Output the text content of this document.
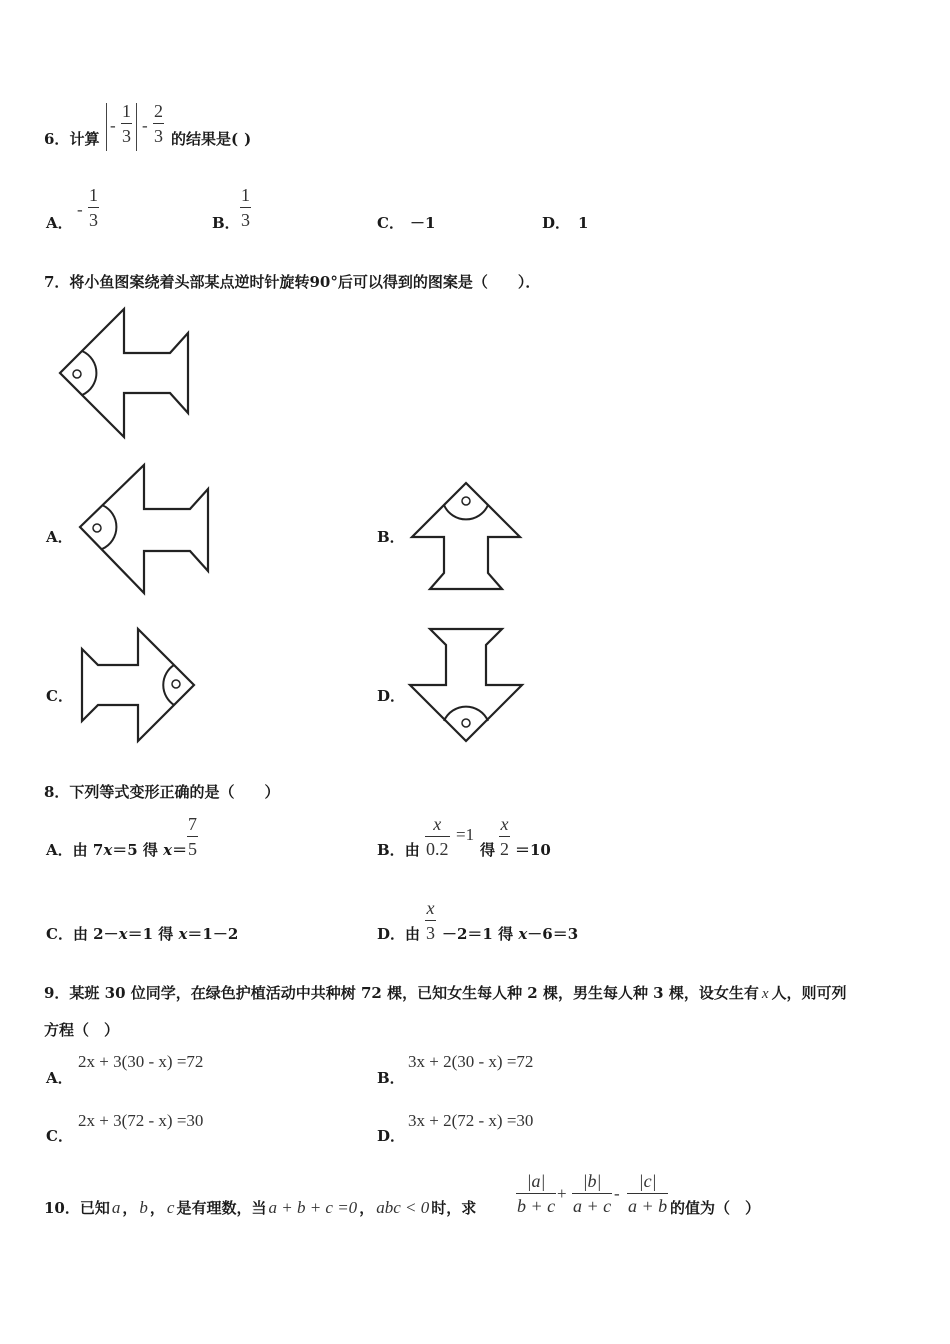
6．计算
-
1
3
-
2
3 的结果是( )
A．
-
1
3	B．
1
3	C． －1	D． 1
7．将小鱼图案绕着头部某点逆时针旋转90°后可以得到的图案是（　　）．
A．	B．
C．	D．
8．下列等式变形正确的是（　　）
A．由 7x＝5 得 x＝
7
5	B．由
x
0.2
=1
得
x
2 ＝10
C．由 2－x＝1 得 x＝1－2	D．由
x
3 －2＝1 得 x－6＝3
9．某班 30 位同学，在绿色护植活动中共种树 72 棵，已知女生每人种 2 棵，男生每人种 3 棵，设女生有 x 人，则可列
方程（　）
A．
2x + 3(30 - x) =72
B．
3x + 2(30 - x) =72
C．
2x + 3(72 - x) =30
D．
3x + 2(72 - x) =30
10．已知 a ， b ， c 是有理数，当 a + b + c =0 ， abc < 0 时，求
|a|
b + c
+
|b|
a + c
-
|c|
a + b 的值为（　）
